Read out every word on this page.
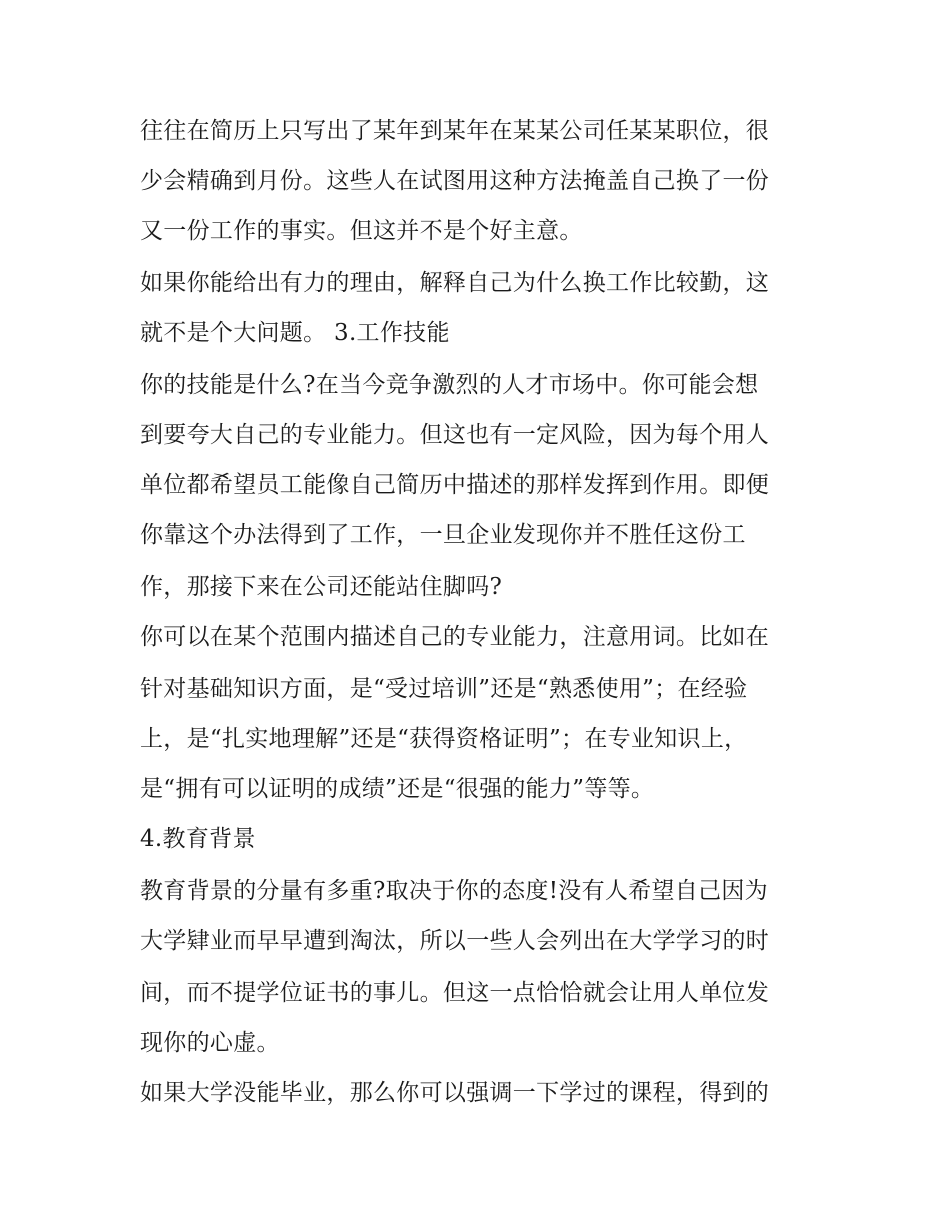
往往在简历上只写出了某年到某年在某某公司任某某职位，很
少会精确到月份。这些人在试图用这种方法掩盖自己换了一份
又一份工作的事实。但这并不是个好主意。
如果你能给出有力的理由，解释自己为什么换工作比较勤，这
就不是个大问题。 3.工作技能
你的技能是什么?在当今竞争激烈的人才市场中。你可能会想
到要夸大自己的专业能力。但这也有一定风险，因为每个用人
单位都希望员工能像自己简历中描述的那样发挥到作用。即便
你靠这个办法得到了工作，一旦企业发现你并不胜任这份工
作，那接下来在公司还能站住脚吗?
你可以在某个范围内描述自己的专业能力，注意用词。比如在
针对基础知识方面，是“受过培训”还是“熟悉使用”；在经验
上，是“扎实地理解”还是“获得资格证明”；在专业知识上，
是“拥有可以证明的成绩”还是“很强的能力”等等。
4.教育背景
教育背景的分量有多重?取决于你的态度!没有人希望自己因为
大学肄业而早早遭到淘汰，所以一些人会列出在大学学习的时
间，而不提学位证书的事儿。但这一点恰恰就会让用人单位发
现你的心虚。
如果大学没能毕业，那么你可以强调一下学过的课程，得到的
